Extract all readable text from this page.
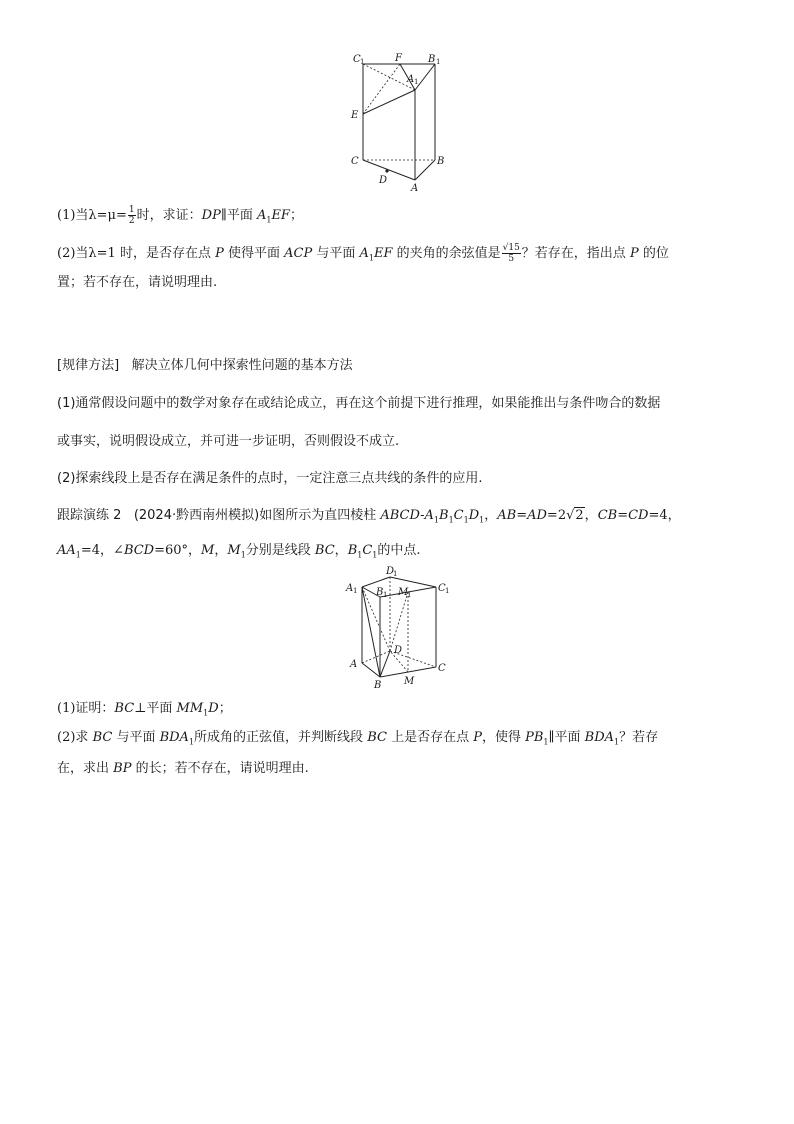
C 1	F	B 1
A 1
E
C	B
D
A
(1)当$\lambda=\mu= \frac{1}{2}$ 时，求证：DP∥平面 $A_1EF$；
(2)当λ=1 时，是否存在点 P 使得平面 ACP 与平面 $A_1EF$ 的夹角的余弦值是 $\frac{√15}{5}$ ？若存在，指出点 P 的位
置；若不存在，请说明理由.
[规律方法] 解决立体几何中探索性问题的基本方法
(1)通常假设问题中的数学对象存在或结论成立，再在这个前提下进行推理，如果能推出与条件吻合的数据
或事实，说明假设成立，并可进一步证明，否则假设不成立.
(2)探索线段上是否存在满足条件的点时，一定注意三点共线的条件的应用.
跟踪演练 2 (2024·黔西南州模拟)如图所示为直四棱柱 ABCD-$A_1B_1C_1D_1$，AB=AD=2√2，CB=CD=4，
$AA_1=4$，∠BCD=60°，M，$M_1$分别是线段 BC，$B_1C_1$的中点.
D
1
A 1 B 1 M
1
C 1
D
A	C
B M
(1)证明：BC⊥平面 $MM_1D$；
(2)求 BC 与平面 $BDA_1$所成角的正弦值，并判断线段 BC 上是否存在点 P，使得 $PB_1\parallel$平面 $BDA_1$？若存
在，求出 BP 的长；若不存在，请说明理由.
